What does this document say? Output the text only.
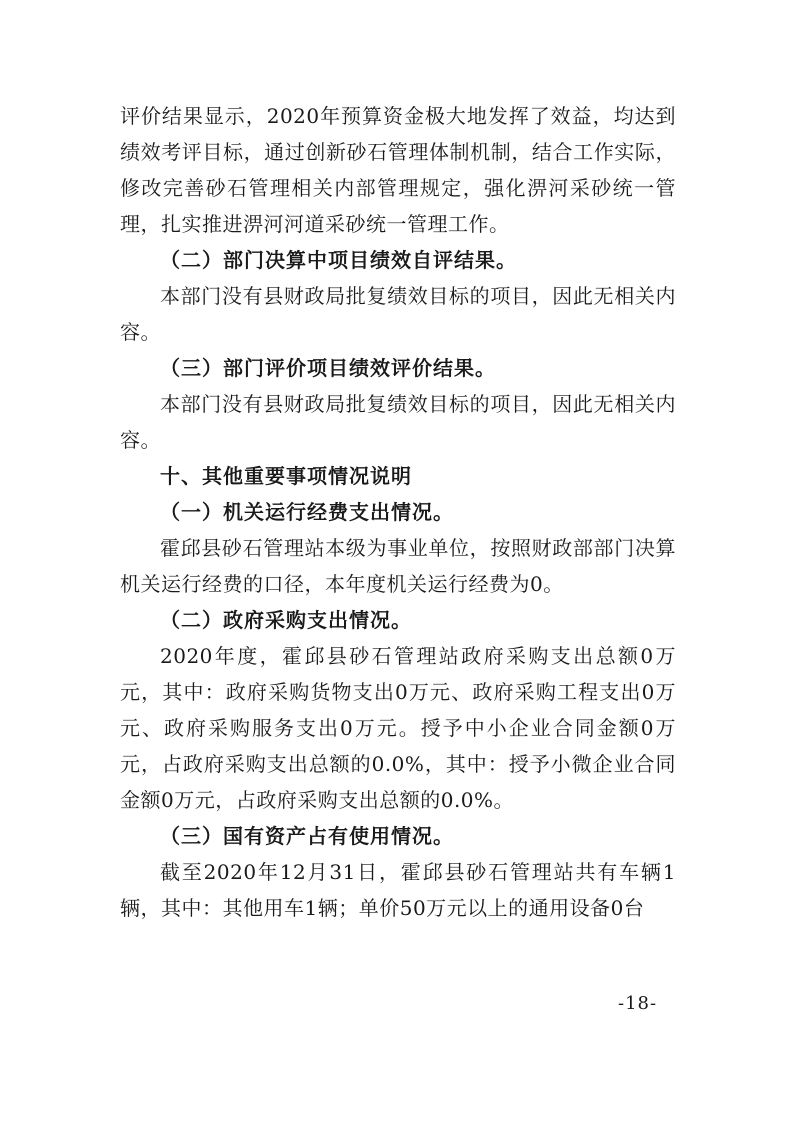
评价结果显示，2020年预算资金极大地发挥了效益，均达到绩效考评目标，通过创新砂石管理体制机制，结合工作实际，修改完善砂石管理相关内部管理规定，强化淠河采砂统一管理，扎实推进淠河河道采砂统一管理工作。

（二）部门决算中项目绩效自评结果。

本部门没有县财政局批复绩效目标的项目，因此无相关内容。

（三）部门评价项目绩效评价结果。

本部门没有县财政局批复绩效目标的项目，因此无相关内容。

十、其他重要事项情况说明

（一）机关运行经费支出情况。

霍邱县砂石管理站本级为事业单位，按照财政部部门决算机关运行经费的口径，本年度机关运行经费为0。

（二）政府采购支出情况。

2020年度，霍邱县砂石管理站政府采购支出总额0万元，其中：政府采购货物支出0万元、政府采购工程支出0万元、政府采购服务支出0万元。授予中小企业合同金额0万元，占政府采购支出总额的0.0%，其中：授予小微企业合同金额0万元，占政府采购支出总额的0.0%。

（三）国有资产占有使用情况。

截至2020年12月31日，霍邱县砂石管理站共有车辆1辆，其中：其他用车1辆；单价50万元以上的通用设备0台

-18-
